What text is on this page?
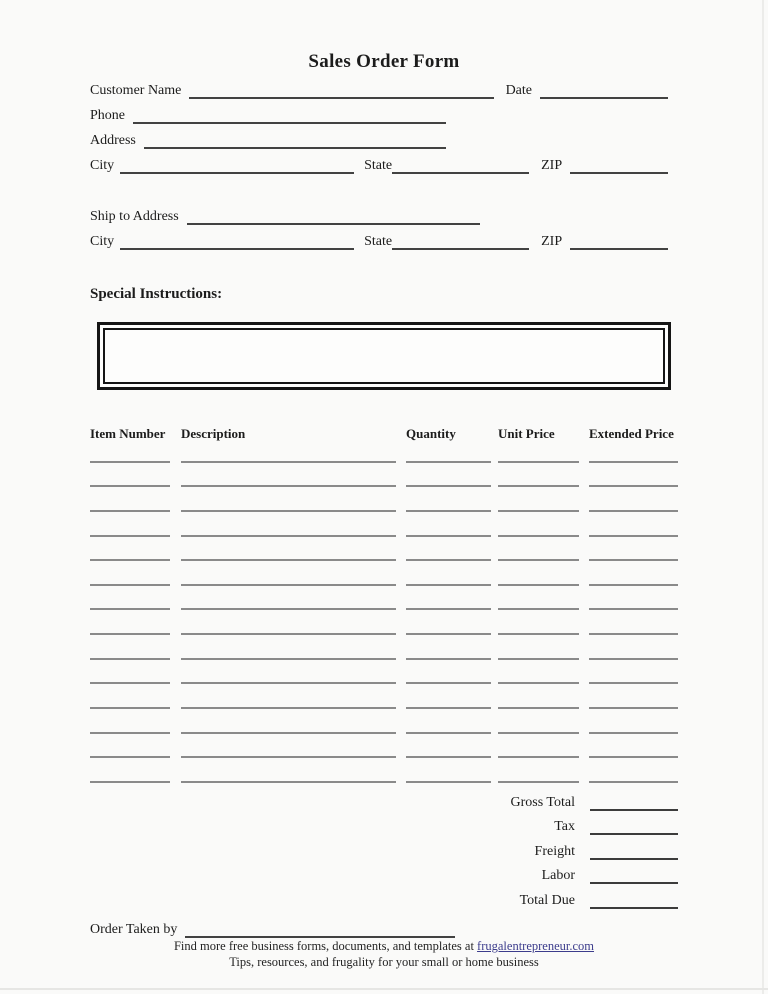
Sales Order Form
Customer Name	Date
Phone
Address
City	State	ZIP
Ship to Address
City	State	ZIP
Special Instructions:
Item Number	Description	Quantity	Unit Price	Extended Price
Gross Total
Tax
Freight
Labor
Total Due
Order Taken by
Find more free business forms, documents, and templates at frugalentrepreneur.com
Tips, resources, and frugality for your small or home business
